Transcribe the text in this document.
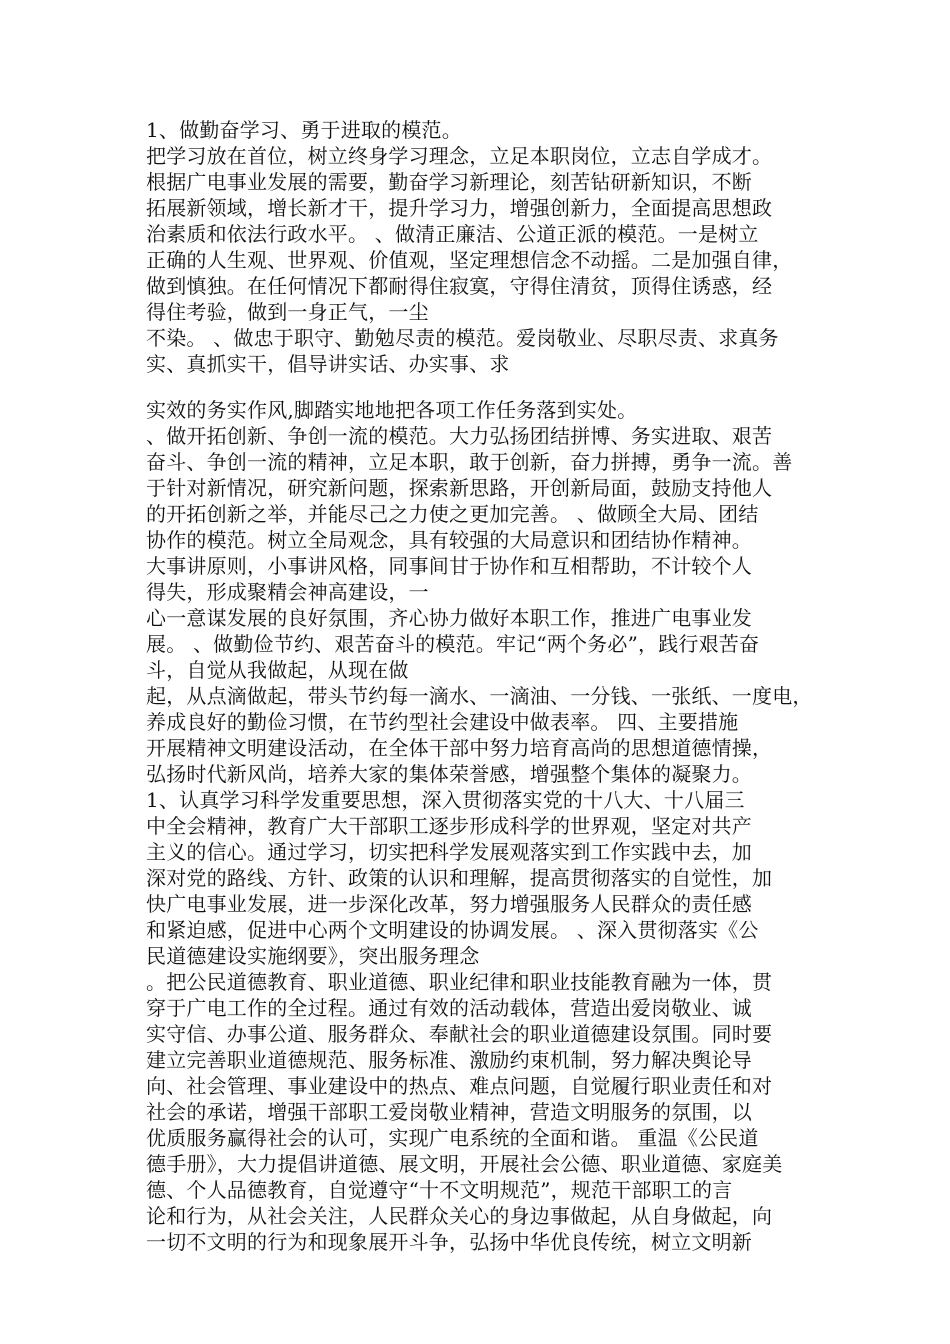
1、做勤奋学习、勇于进取的模范。
把学习放在首位，树立终身学习理念，立足本职岗位，立志自学成才。
根据广电事业发展的需要，勤奋学习新理论，刻苦钻研新知识，不断
拓展新领域，增长新才干，提升学习力，增强创新力，全面提高思想政
治素质和依法行政水平。 、做清正廉洁、公道正派的模范。一是树立
正确的人生观、世界观、价值观，坚定理想信念不动摇。二是加强自律，
做到慎独。在任何情况下都耐得住寂寞，守得住清贫，顶得住诱惑，经
得住考验，做到一身正气，一尘
不染。 、做忠于职守、勤勉尽责的模范。爱岗敬业、尽职尽责、求真务
实、真抓实干，倡导讲实话、办实事、求
实效的务实作风,脚踏实地地把各项工作任务落到实处。
、做开拓创新、争创一流的模范。大力弘扬团结拼博、务实进取、艰苦
奋斗、争创一流的精神，立足本职，敢于创新，奋力拼搏，勇争一流。善
于针对新情况，研究新问题，探索新思路，开创新局面，鼓励支持他人
的开拓创新之举，并能尽己之力使之更加完善。 、做顾全大局、团结
协作的模范。树立全局观念，具有较强的大局意识和团结协作精神。
大事讲原则，小事讲风格，同事间甘于协作和互相帮助，不计较个人
得失，形成聚精会神高建设，一
心一意谋发展的良好氛围，齐心协力做好本职工作，推进广电事业发
展。 、做勤俭节约、艰苦奋斗的模范。牢记“两个务必”，践行艰苦奋
斗，自觉从我做起，从现在做
起，从点滴做起，带头节约每一滴水、一滴油、一分钱、一张纸、一度电，
养成良好的勤俭习惯，在节约型社会建设中做表率。 四、主要措施
开展精神文明建设活动，在全体干部中努力培育高尚的思想道德情操，
弘扬时代新风尚，培养大家的集体荣誉感，增强整个集体的凝聚力。
1、认真学习科学发重要思想，深入贯彻落实党的十八大、十八届三
中全会精神，教育广大干部职工逐步形成科学的世界观，坚定对共产
主义的信心。通过学习，切实把科学发展观落实到工作实践中去，加
深对党的路线、方针、政策的认识和理解，提高贯彻落实的自觉性，加
快广电事业发展，进一步深化改革，努力增强服务人民群众的责任感
和紧迫感，促进中心两个文明建设的协调发展。 、深入贯彻落实《公
民道德建设实施纲要》，突出服务理念
。把公民道德教育、职业道德、职业纪律和职业技能教育融为一体，贯
穿于广电工作的全过程。通过有效的活动载体，营造出爱岗敬业、诚
实守信、办事公道、服务群众、奉献社会的职业道德建设氛围。同时要
建立完善职业道德规范、服务标准、激励约束机制，努力解决舆论导
向、社会管理、事业建设中的热点、难点问题，自觉履行职业责任和对
社会的承诺，增强干部职工爱岗敬业精神，营造文明服务的氛围，以
优质服务赢得社会的认可，实现广电系统的全面和谐。 重温《公民道
德手册》，大力提倡讲道德、展文明，开展社会公德、职业道德、家庭美
德、个人品德教育，自觉遵守“十不文明规范”，规范干部职工的言
论和行为，从社会关注，人民群众关心的身边事做起，从自身做起，向
一切不文明的行为和现象展开斗争，弘扬中华优良传统，树立文明新
